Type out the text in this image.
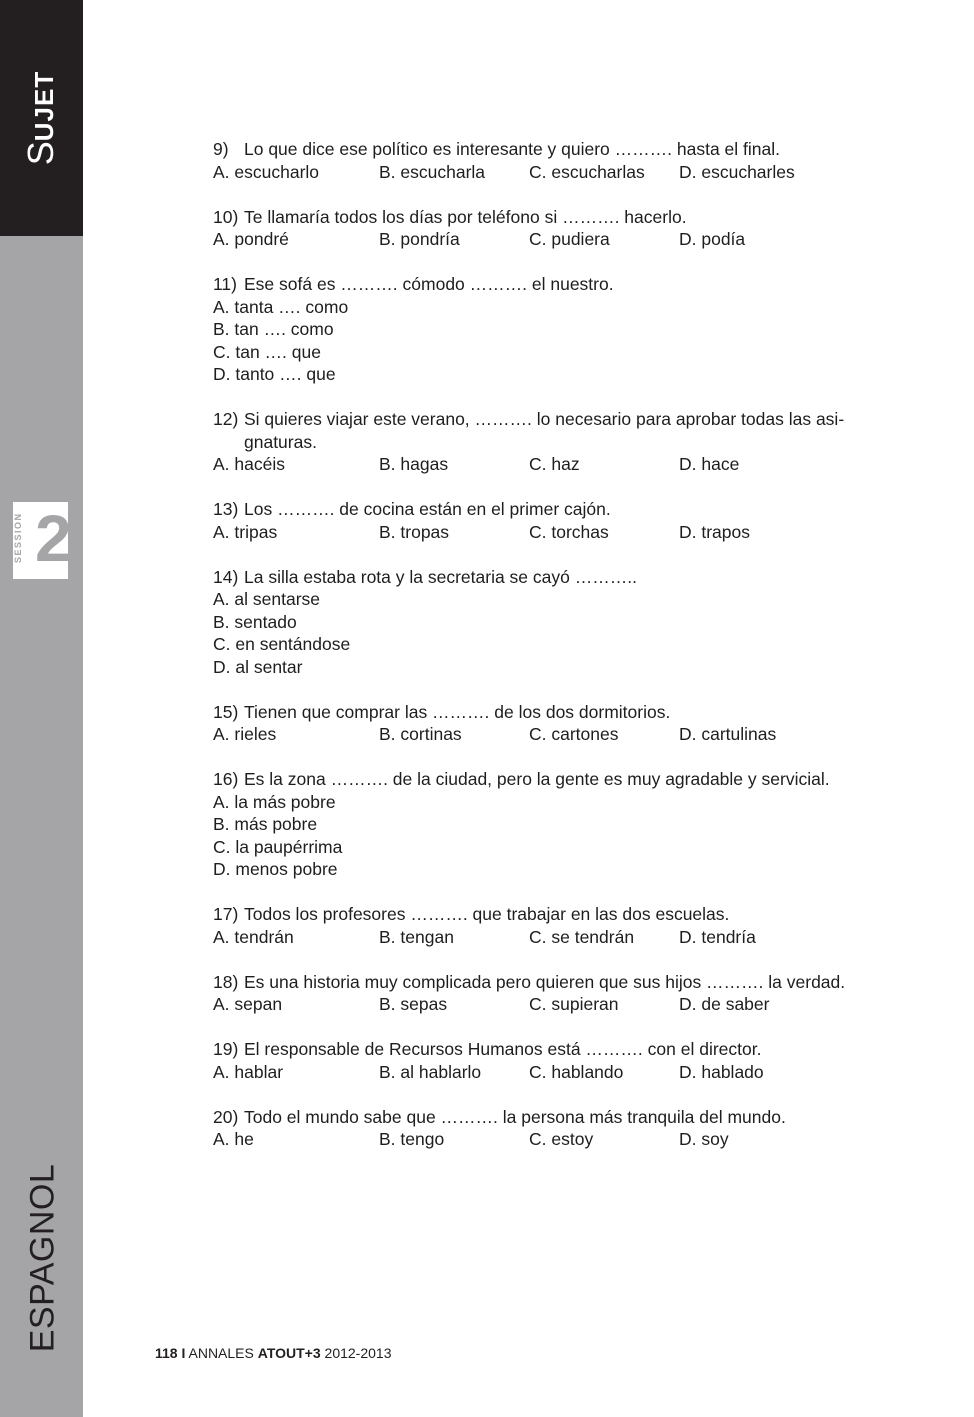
SUJET
SESSION 2
ESPAGNOL
9) Lo que dice ese político es interesante y quiero ………. hasta el final.
A. escucharlo	B. escucharla	C. escucharlas	D. escucharles
10) Te llamaría todos los días por teléfono si ………. hacerlo.
A. pondré	B. pondría	C. pudiera	D. podía
11) Ese sofá es ………. cómodo ………. el nuestro.
A. tanta …. como
B. tan …. como
C. tan …. que
D. tanto …. que
12) Si quieres viajar este verano, ………. lo necesario para aprobar todas las asi-
gnaturas.
A. hacéis	B. hagas	C. haz	D. hace
13) Los ………. de cocina están en el primer cajón.
A. tripas	B. tropas	C. torchas	D. trapos
14) La silla estaba rota y la secretaria se cayó ………..
A. al sentarse
B. sentado
C. en sentándose
D. al sentar
15) Tienen que comprar las ………. de los dos dormitorios.
A. rieles	B. cortinas	C. cartones	D. cartulinas
16) Es la zona ………. de la ciudad, pero la gente es muy agradable y servicial.
A. la más pobre
B. más pobre
C. la paupérrima
D. menos pobre
17) Todos los profesores ………. que trabajar en las dos escuelas.
A. tendrán	B. tengan	C. se tendrán	D. tendría
18) Es una historia muy complicada pero quieren que sus hijos ………. la verdad.
A. sepan	B. sepas	C. supieran	D. de saber
19) El responsable de Recursos Humanos está ………. con el director.
A. hablar	B. al hablarlo	C. hablando	D. hablado
20) Todo el mundo sabe que ………. la persona más tranquila del mundo.
A. he	B. tengo	C. estoy	D. soy
118 I ANNALES ATOUT+3 2012-2013
